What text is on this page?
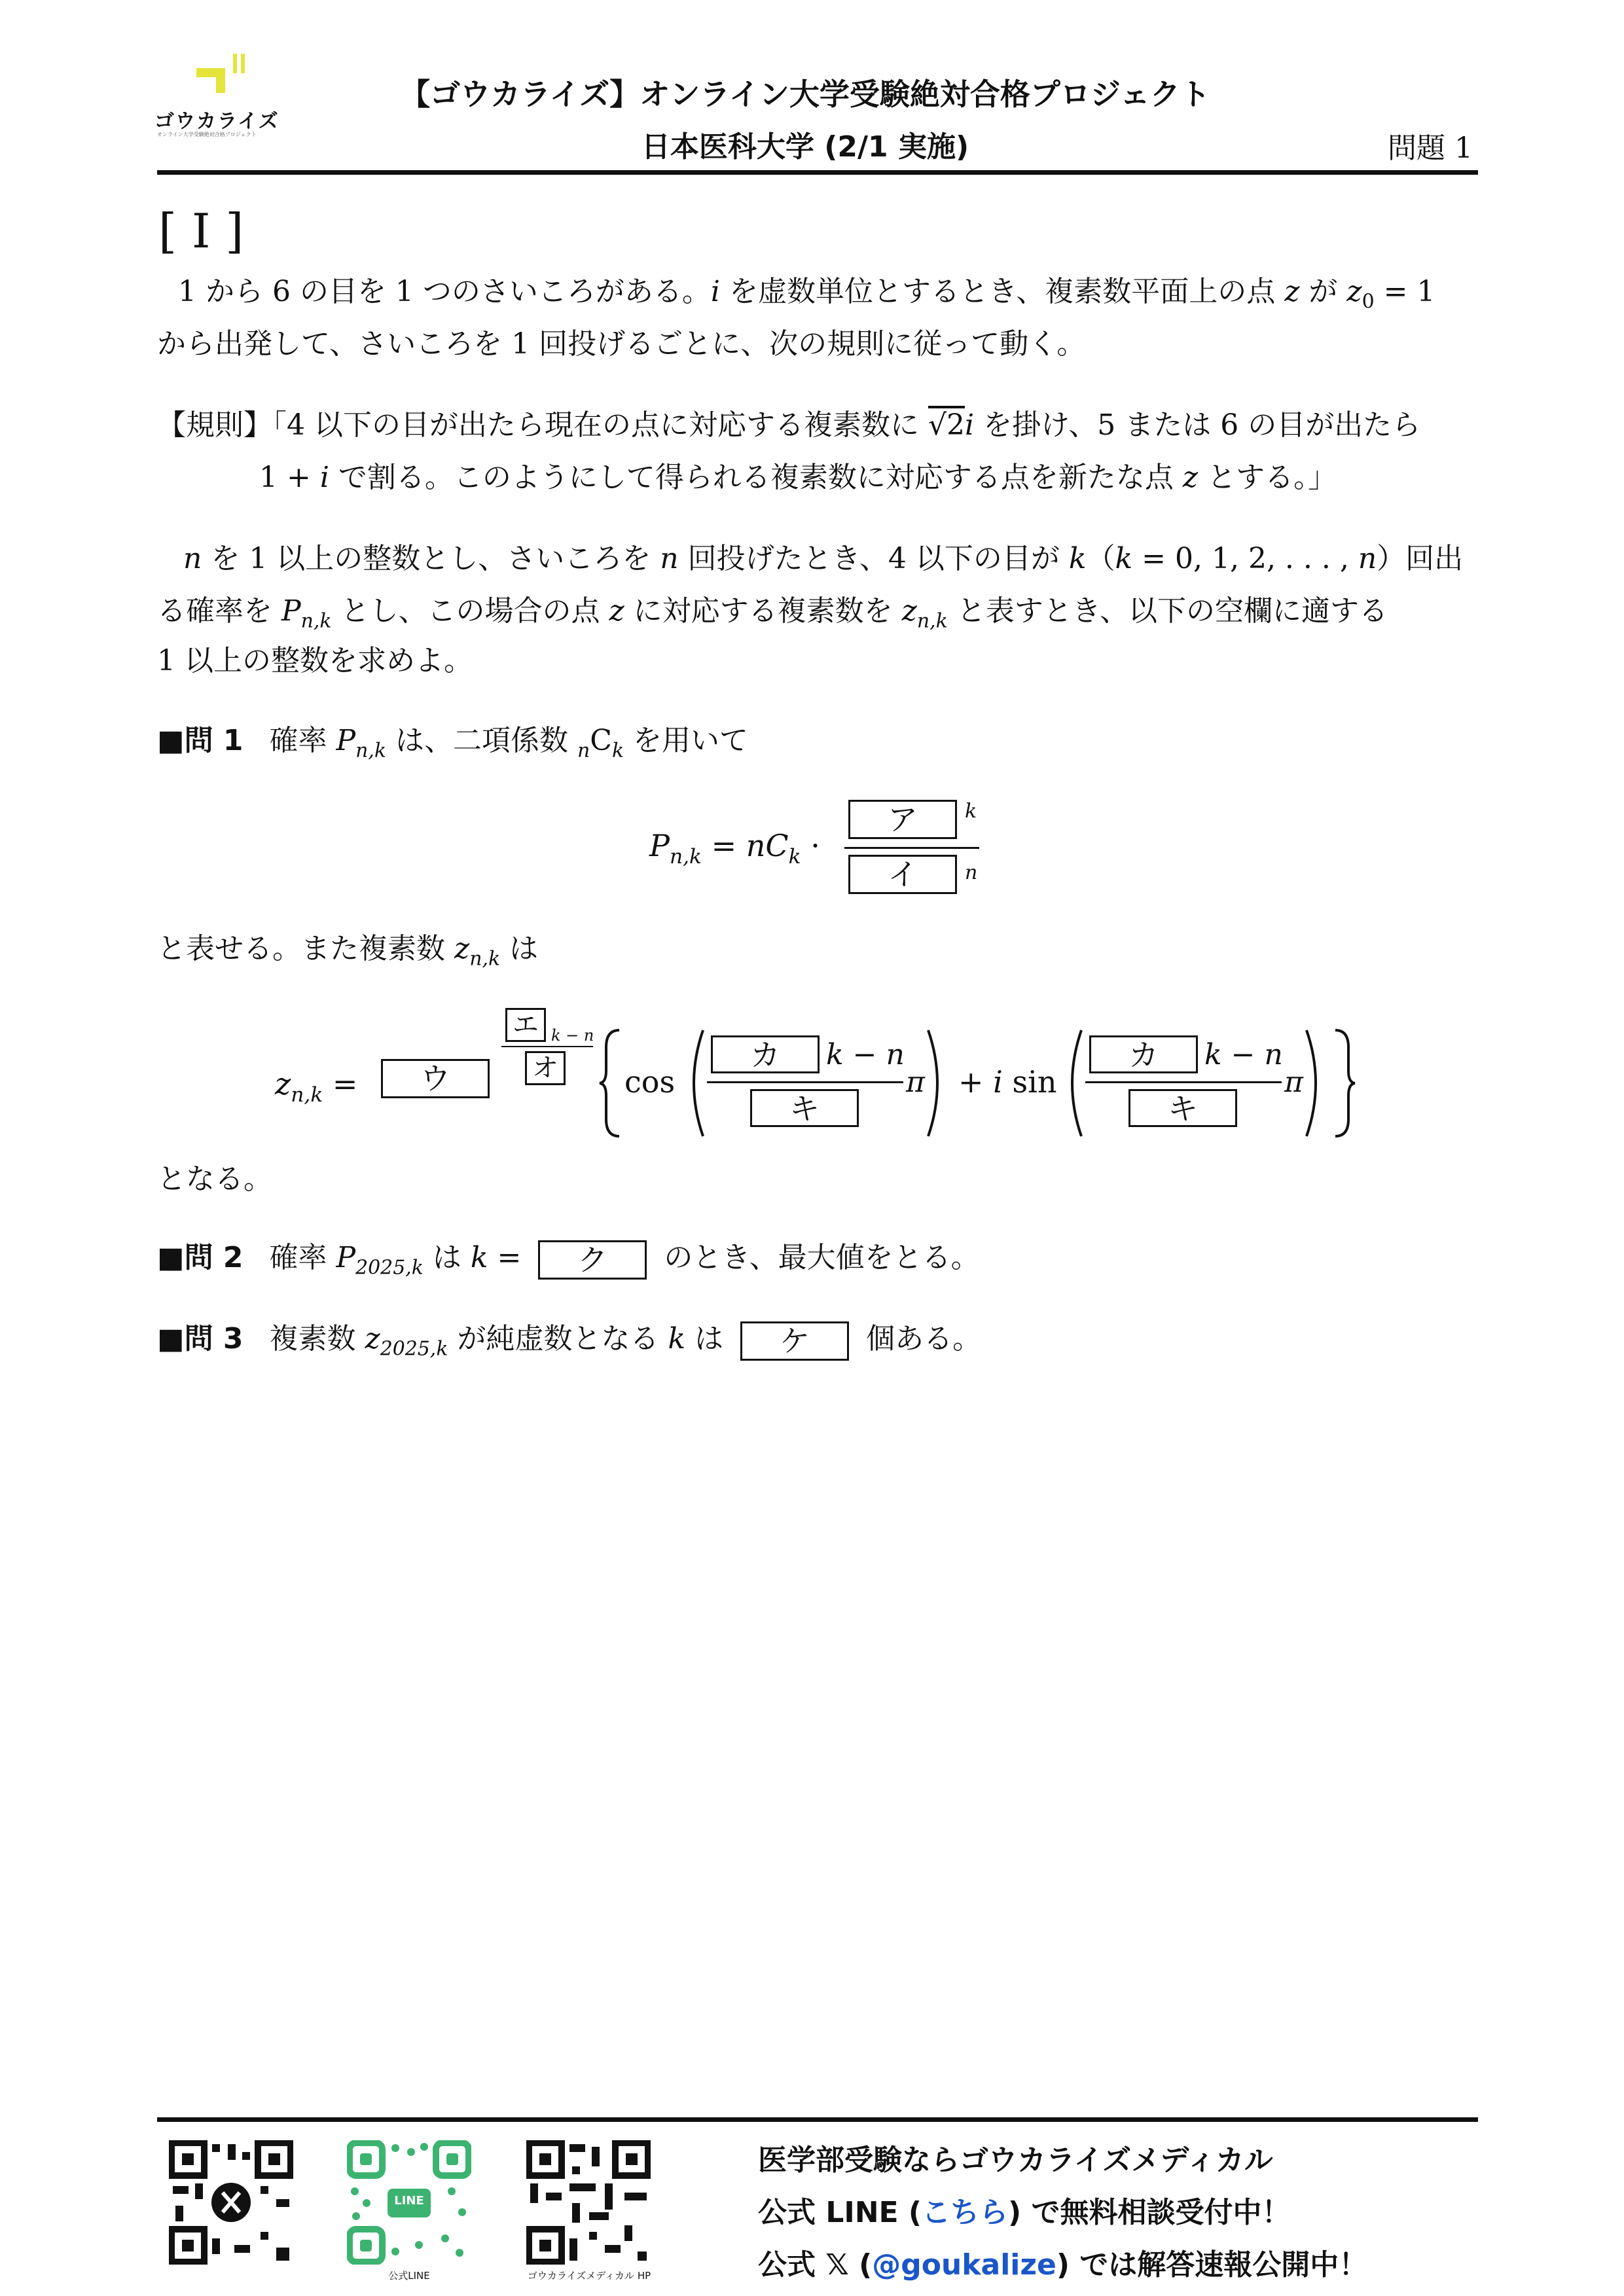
ゴウカライズ
オンライン大学受験絶対合格プロジェクト
【ゴウカライズ】オンライン大学受験絶対合格プロジェクト
日本医科大学 (2/1 実施)	問題 1
[ I ]
1 から 6 の目を 1 つのさいころがある。i を虚数単位とするとき、複素数平面上の点 z が $z_0 = 1$
から出発して、さいころを 1 回投げるごとに、次の規則に従って動く。
【規則】「4 以下の目が出たら現在の点に対応する複素数に √2i を掛け、5 または 6 の目が出たら
1 + i で割る。このようにして得られる複素数に対応する点を新たな点 z とする。」
n を 1 以上の整数とし、さいころを n 回投げたとき、4 以下の目が k（k = 0, 1, 2, . . . , n）回出
る確率を $P_{n,k}$ とし、この場合の点 z に対応する複素数を $z_{n,k}$ と表すとき、以下の空欄に適する
1 以上の整数を求めよ。
■問 1 確率 $P_{n,k}$ は、二項係数 $_nC_k$ を用いて
$P_{n,k} = nC_k$ ·
ア	k
イ	n
と表せる。また複素数 $z_{n,k}$ は
$z_{n,k}$ =	ウ
エ k − n
オ cos
カ	k − n
キ
π + i sin
カ	k − n
キ
π
となる。
■問 2 確率 $P_{2025,k}$ は k = ク のとき、最大値をとる。
■問 3 複素数 $z_{2025,k}$ が純虚数となる k は ケ 個ある。
LINE
公式LINE	ゴウカライズメディカル HP
医学部受験ならゴウカライズメディカル
公式 LINE (こちら) で無料相談受付中！
公式 𝕏 (@goukalize) では解答速報公開中！
